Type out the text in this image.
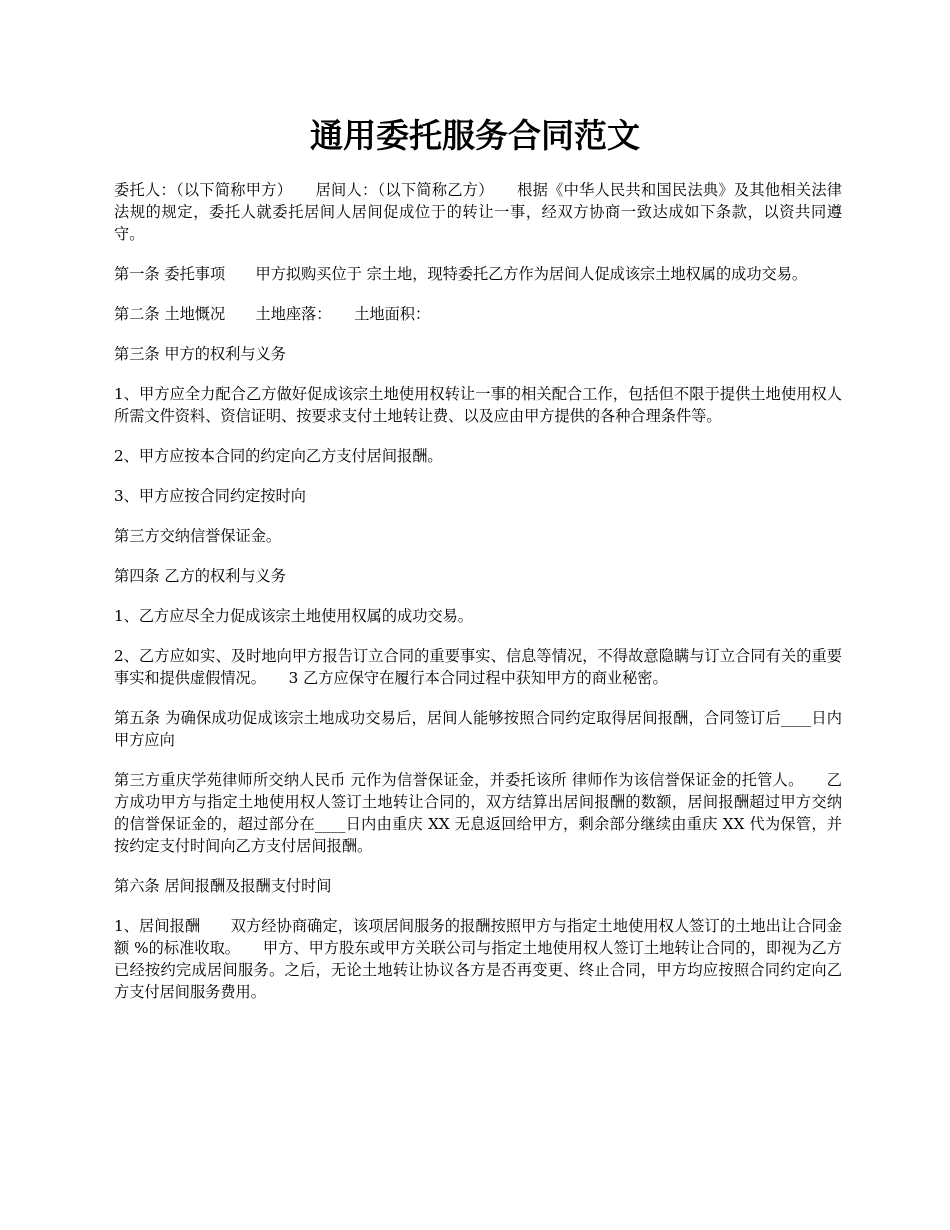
通用委托服务合同范文

委托人：（以下简称甲方）　　居间人：（以下简称乙方）　　根据《中华人民共和国民法典》及其他相关法律法规的规定，委托人就委托居间人居间促成位于的转让一事，经双方协商一致达成如下条款，以资共同遵守。

第一条 委托事项　　甲方拟购买位于 宗土地，现特委托乙方作为居间人促成该宗土地权属的成功交易。

第二条 土地慨况　　土地座落：　　土地面积：

第三条 甲方的权利与义务

1、甲方应全力配合乙方做好促成该宗土地使用权转让一事的相关配合工作，包括但不限于提供土地使用权人所需文件资料、资信证明、按要求支付土地转让费、以及应由甲方提供的各种合理条件等。

2、甲方应按本合同的约定向乙方支付居间报酬。

3、甲方应按合同约定按时向

第三方交纳信誉保证金。

第四条 乙方的权利与义务

1、乙方应尽全力促成该宗土地使用权属的成功交易。

2、乙方应如实、及时地向甲方报告订立合同的重要事实、信息等情况，不得故意隐瞒与订立合同有关的重要事实和提供虚假情况。　　3 乙方应保守在履行本合同过程中获知甲方的商业秘密。

第五条 为确保成功促成该宗土地成功交易后，居间人能够按照合同约定取得居间报酬，合同签订后____日内甲方应向

第三方重庆学苑律师所交纳人民币 元作为信誉保证金，并委托该所 律师作为该信誉保证金的托管人。　　乙方成功甲方与指定土地使用权人签订土地转让合同的，双方结算出居间报酬的数额，居间报酬超过甲方交纳的信誉保证金的，超过部分在____日内由重庆 XX 无息返回给甲方，剩余部分继续由重庆 XX 代为保管，并按约定支付时间向乙方支付居间报酬。

第六条 居间报酬及报酬支付时间

1、居间报酬　　双方经协商确定，该项居间服务的报酬按照甲方与指定土地使用权人签订的土地出让合同金额 %的标准收取。　　甲方、甲方股东或甲方关联公司与指定土地使用权人签订土地转让合同的，即视为乙方已经按约完成居间服务。之后，无论土地转让协议各方是否再变更、终止合同，甲方均应按照合同约定向乙方支付居间服务费用。
